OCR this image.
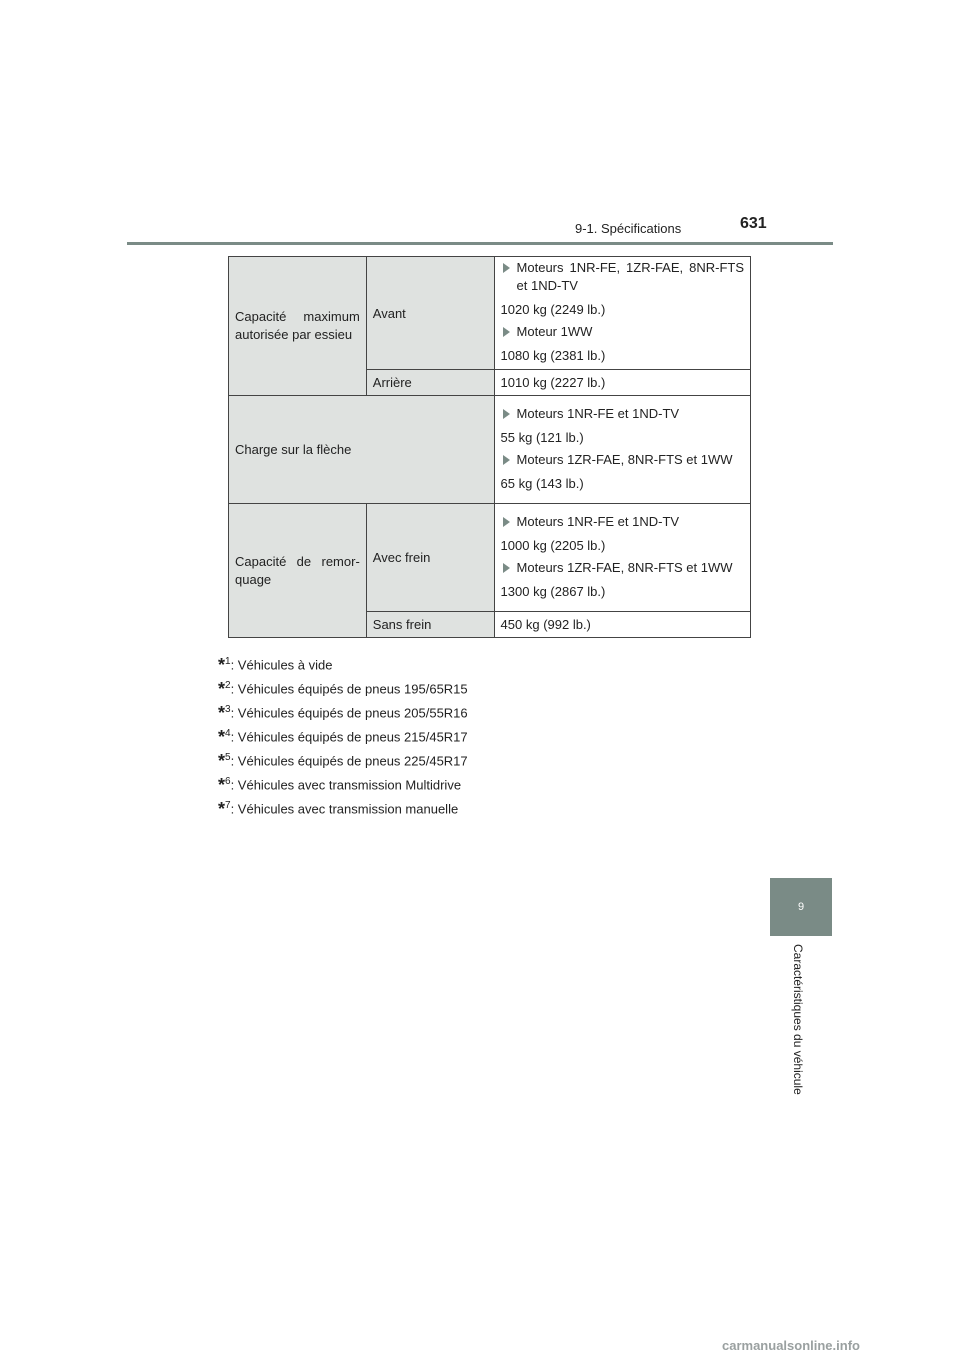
9-1. Spécifications	631
9
Caractéristiques du véhicule
Capacité maximum autorisée par essieu	Avant	Moteurs 1NR-FE, 1ZR-FAE, 8NR-FTS et 1ND-TV
1020 kg (2249 lb.)
Moteur 1WW
1080 kg (2381 lb.)

	Arrière	1010 kg (2227 lb.)
Charge sur la flèche		Moteurs 1NR-FE et 1ND-TV
55 kg (121 lb.)
Moteurs 1ZR-FAE, 8NR-FTS et 1WW
65 kg (143 lb.)

Capacité de remor-quage	Avec frein	Moteurs 1NR-FE et 1ND-TV
1000 kg (2205 lb.)
Moteurs 1ZR-FAE, 8NR-FTS et 1WW
1300 kg (2867 lb.)

	Sans frein	450 kg (992 lb.)
*$^1$: Véhicules à vide
*$^2$: Véhicules équipés de pneus 195/65R15
*$^3$: Véhicules équipés de pneus 205/55R16
*$^4$: Véhicules équipés de pneus 215/45R17
*$^5$: Véhicules équipés de pneus 225/45R17
*$^6$: Véhicules avec transmission Multidrive
*$^7$: Véhicules avec transmission manuelle
carmanualsonline.info
